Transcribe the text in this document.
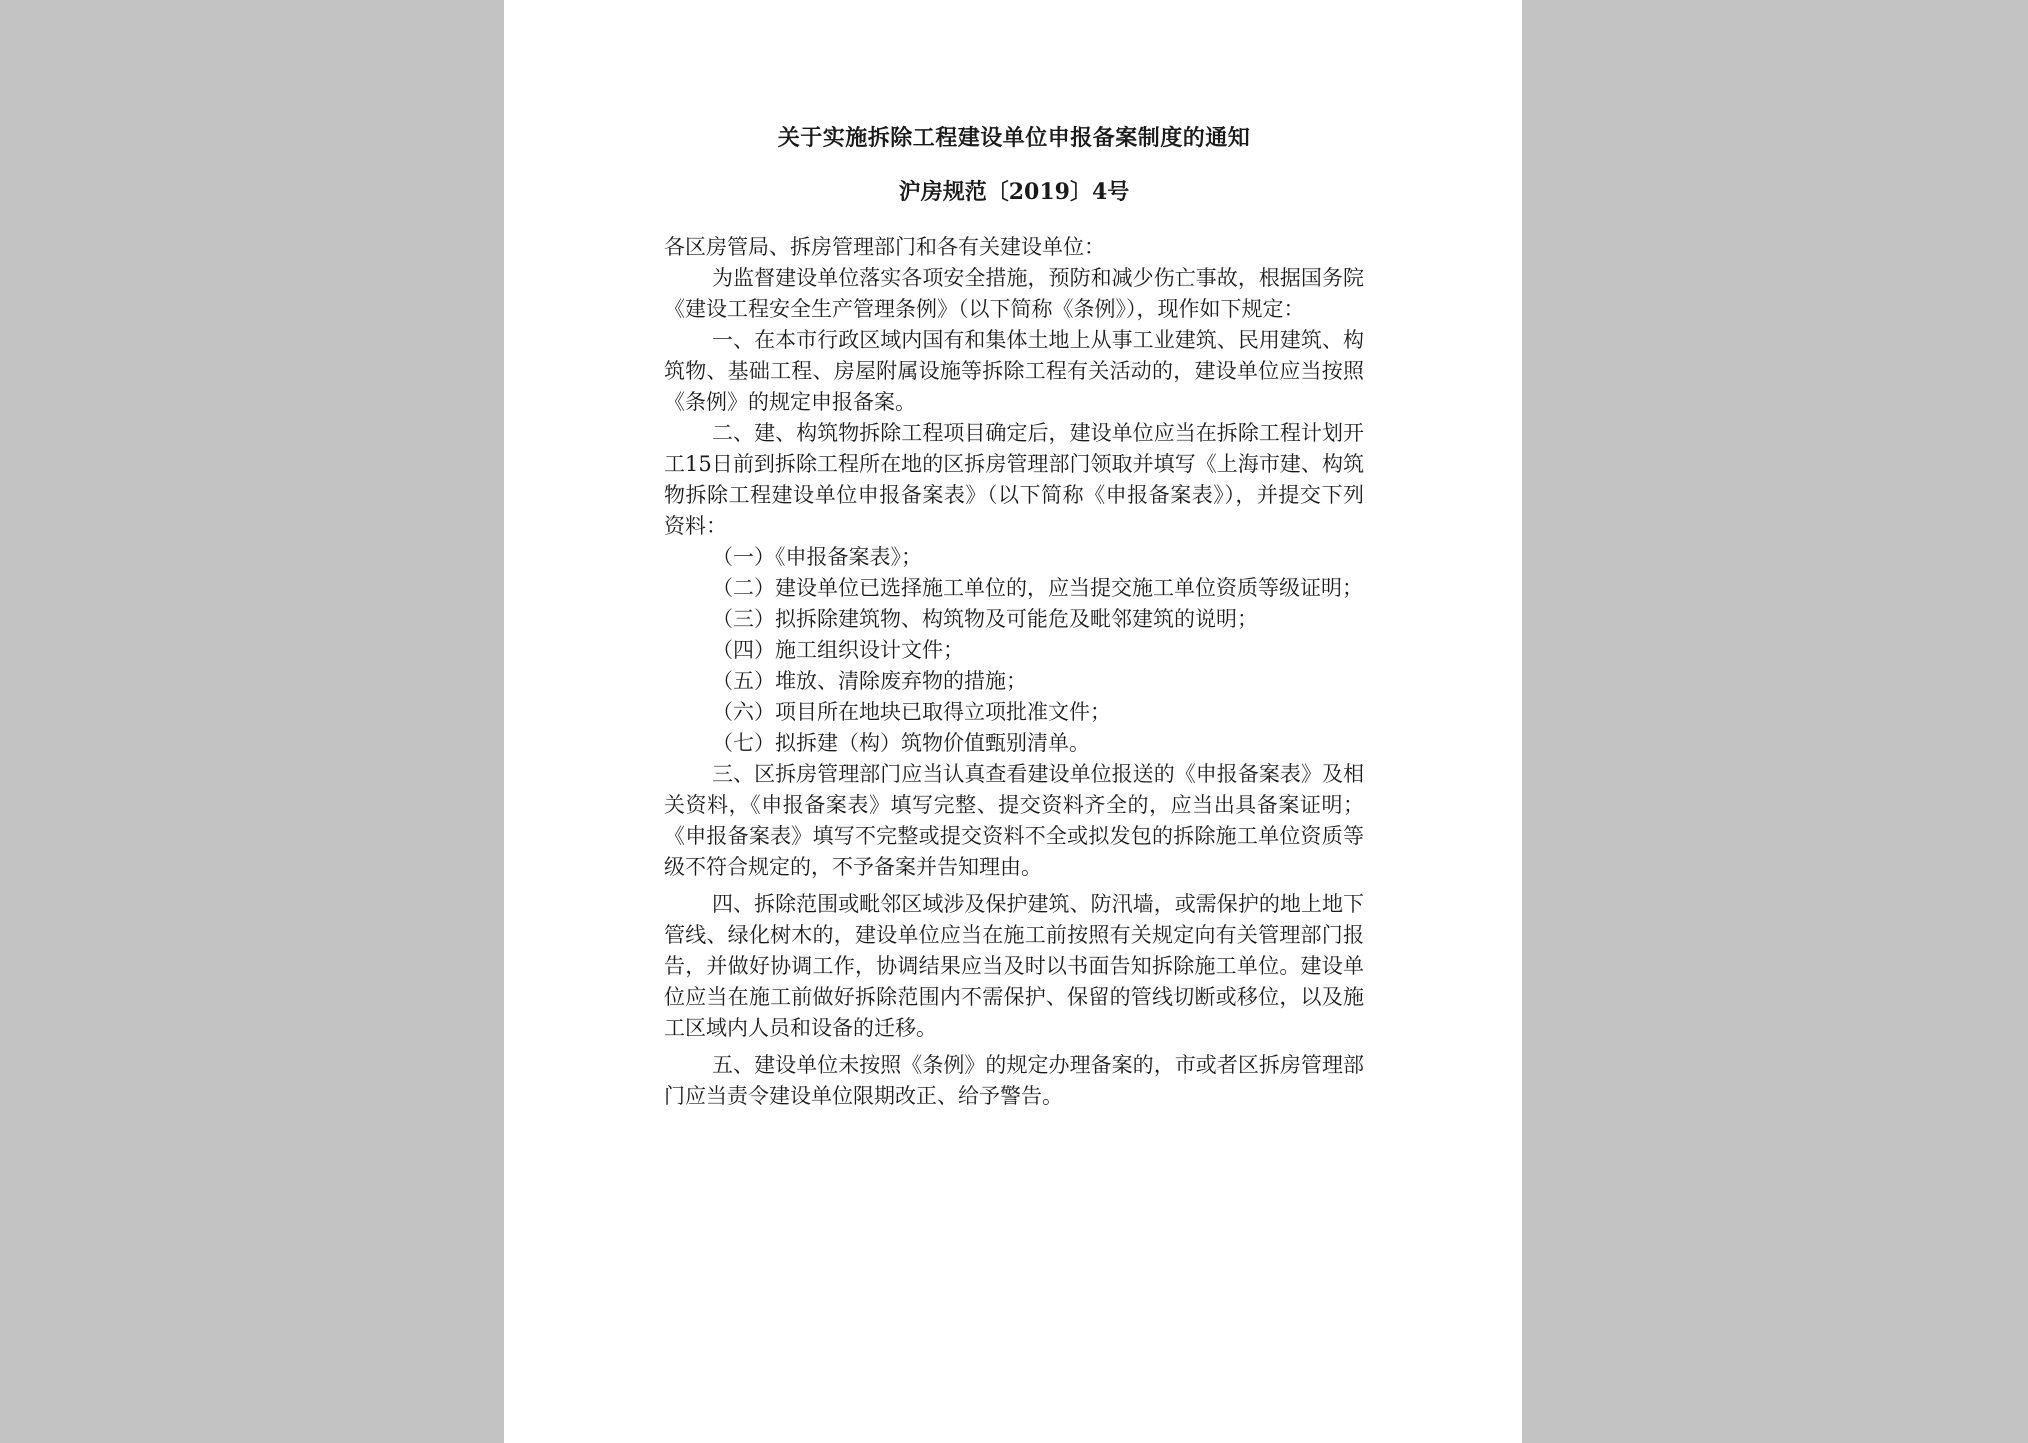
关于实施拆除工程建设单位申报备案制度的通知
沪房规范〔2019〕4号

各区房管局、拆房管理部门和各有关建设单位：

为监督建设单位落实各项安全措施，预防和减少伤亡事故，根据国务院《建设工程安全生产管理条例》（以下简称《条例》），现作如下规定：

一、在本市行政区域内国有和集体土地上从事工业建筑、民用建筑、构筑物、基础工程、房屋附属设施等拆除工程有关活动的，建设单位应当按照《条例》的规定申报备案。

二、建、构筑物拆除工程项目确定后，建设单位应当在拆除工程计划开工15日前到拆除工程所在地的区拆房管理部门领取并填写《上海市建、构筑物拆除工程建设单位申报备案表》（以下简称《申报备案表》），并提交下列资料：

（一）《申报备案表》；

（二）建设单位已选择施工单位的，应当提交施工单位资质等级证明；

（三）拟拆除建筑物、构筑物及可能危及毗邻建筑的说明；

（四）施工组织设计文件；

（五）堆放、清除废弃物的措施；

（六）项目所在地块已取得立项批准文件；

（七）拟拆建（构）筑物价值甄别清单。

三、区拆房管理部门应当认真查看建设单位报送的《申报备案表》及相关资料，《申报备案表》填写完整、提交资料齐全的，应当出具备案证明；《申报备案表》填写不完整或提交资料不全或拟发包的拆除施工单位资质等级不符合规定的，不予备案并告知理由。

四、拆除范围或毗邻区域涉及保护建筑、防汛墙，或需保护的地上地下管线、绿化树木的，建设单位应当在施工前按照有关规定向有关管理部门报告，并做好协调工作，协调结果应当及时以书面告知拆除施工单位。建设单位应当在施工前做好拆除范围内不需保护、保留的管线切断或移位，以及施工区域内人员和设备的迁移。

五、建设单位未按照《条例》的规定办理备案的，市或者区拆房管理部门应当责令建设单位限期改正、给予警告。
